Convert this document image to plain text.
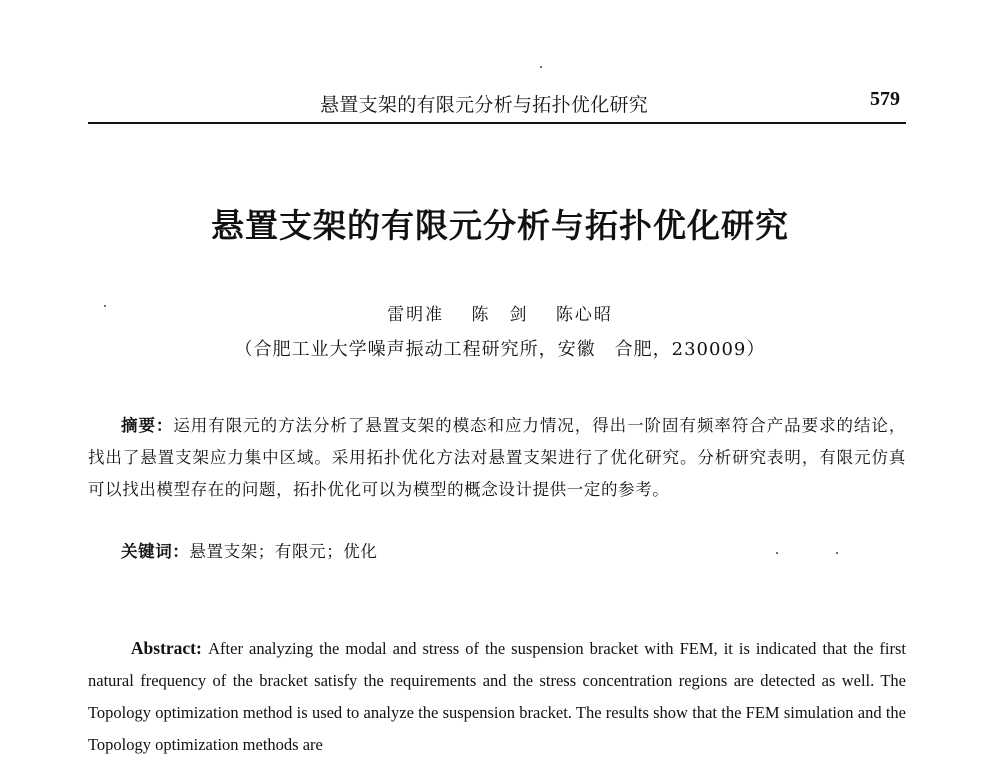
悬置支架的有限元分析与拓扑优化研究	579
悬置支架的有限元分析与拓扑优化研究
雷明准 陈　剑 陈心昭
（合肥工业大学噪声振动工程研究所，安徽　合肥，230009）
摘要：运用有限元的方法分析了悬置支架的模态和应力情况，得出一阶固有频率符合产品要求的结论，找出了悬置支架应力集中区域。采用拓扑优化方法对悬置支架进行了优化研究。分析研究表明，有限元仿真可以找出模型存在的问题，拓扑优化可以为模型的概念设计提供一定的参考。
关键词：悬置支架；有限元；优化
Abstract: After analyzing the modal and stress of the suspension bracket with FEM, it is indicated that the first natural frequency of the bracket satisfy the requirements and the stress concentration regions are detected as well. The Topology optimization method is used to analyze the suspension bracket. The results show that the FEM simulation and the Topology optimization methods are
